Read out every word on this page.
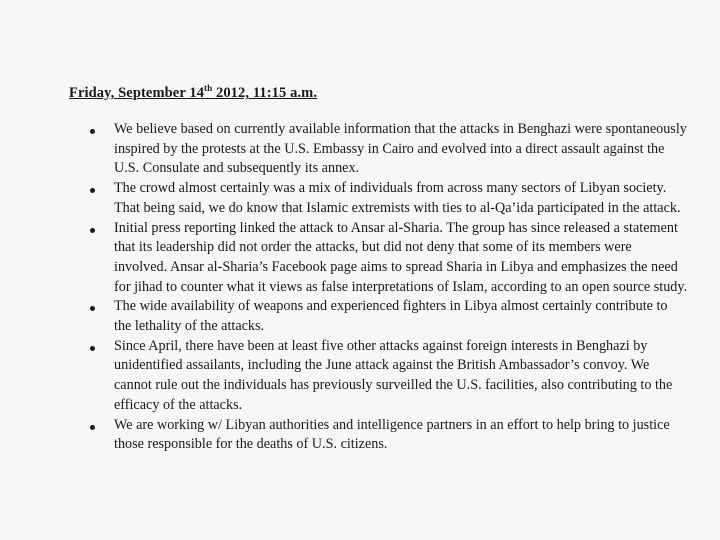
Friday, September 14th 2012, 11:15 a.m.
We believe based on currently available information that the attacks in Benghazi were spontaneously inspired by the protests at the U.S. Embassy in Cairo and evolved into a direct assault against the U.S. Consulate and subsequently its annex.
The crowd almost certainly was a mix of individuals from across many sectors of Libyan society. That being said, we do know that Islamic extremists with ties to al-Qa’ida participated in the attack.
Initial press reporting linked the attack to Ansar al-Sharia. The group has since released a statement that its leadership did not order the attacks, but did not deny that some of its members were involved. Ansar al-Sharia’s Facebook page aims to spread Sharia in Libya and emphasizes the need for jihad to counter what it views as false interpretations of Islam, according to an open source study.
The wide availability of weapons and experienced fighters in Libya almost certainly contribute to the lethality of the attacks.
Since April, there have been at least five other attacks against foreign interests in Benghazi by unidentified assailants, including the June attack against the British Ambassador’s convoy. We cannot rule out the individuals has previously surveilled the U.S. facilities, also contributing to the efficacy of the attacks.
We are working w/ Libyan authorities and intelligence partners in an effort to help bring to justice those responsible for the deaths of U.S. citizens.
